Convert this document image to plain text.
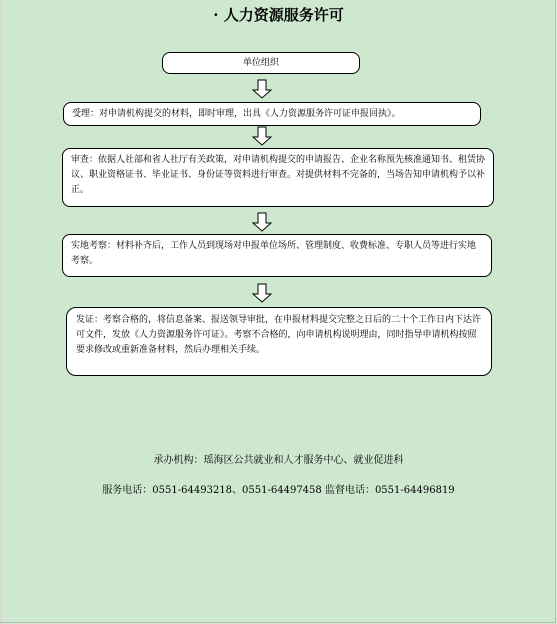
· 人力资源服务许可
单位组织
受理：对申请机构提交的材料，即时审理，出具《人力资源服务许可证申报回执》。
审查：依据人社部和省人社厅有关政策，对申请机构提交的申请报告、企业名称预先核准通知书、租赁协议、职业资格证书、毕业证书、身份证等资料进行审查。对提供材料不完备的，当场告知申请机构予以补正。
实地考察：材料补齐后，工作人员到现场对申报单位场所、管理制度、收费标准、专职人员等进行实地考察。
发证：考察合格的，将信息备案、报送领导审批，在申报材料提交完整之日后的二十个工作日内下达许可文件，发放《人力资源服务许可证》。考察不合格的，向申请机构说明理由，同时指导申请机构按照要求修改或重新准备材料，然后办理相关手续。
承办机构：瑶海区公共就业和人才服务中心、就业促进科
服务电话：0551-64493218、0551-64497458 监督电话：0551-64496819
